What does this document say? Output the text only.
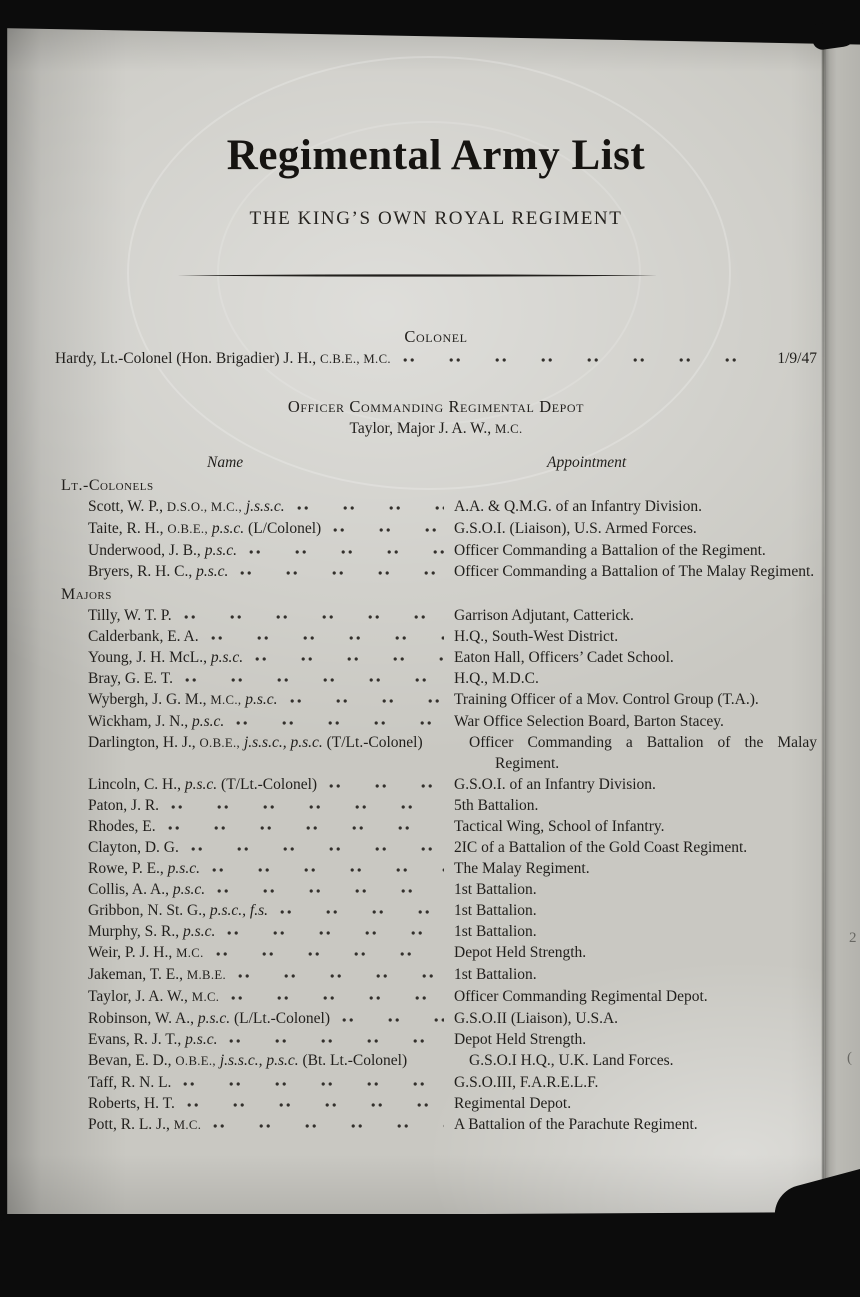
2
(
Regimental Army List
THE KING’S OWN ROYAL REGIMENT
Colonel
Hardy, Lt.-Colonel (Hon. Brigadier) J. H., C.B.E., M.C.	1/9/47
Officer Commanding Regimental Depot
Taylor, Major J. A. W., M.C.
Name	Appointment
Lt.-Colonels
Scott, W. P., D.S.O., M.C., j.s.s.c.	A.A. & Q.M.G. of an Infantry Division.
Taite, R. H., O.B.E., p.s.c. (L/Colonel)	G.S.O.I. (Liaison), U.S. Armed Forces.
Underwood, J. B., p.s.c.	Officer Commanding a Battalion of the Regiment.
Bryers, R. H. C., p.s.c.	Officer Commanding a Battalion of The Malay Regiment.
Majors
Tilly, W. T. P.	Garrison Adjutant, Catterick.
Calderbank, E. A.	H.Q., South-West District.
Young, J. H. McL., p.s.c.	Eaton Hall, Officers’ Cadet School.
Bray, G. E. T.	H.Q., M.D.C.
Wybergh, J. G. M., M.C., p.s.c.	Training Officer of a Mov. Control Group (T.A.).
Wickham, J. N., p.s.c.	War Office Selection Board, Barton Stacey.
Darlington, H. J., O.B.E., j.s.s.c., p.s.c. (T/Lt.-​Colonel)	Officer Commanding a Battalion of the Malay Regiment.
Lincoln, C. H., p.s.c. (T/Lt.-Colonel)	G.S.O.I. of an Infantry Division.
Paton, J. R.	5th Battalion.
Rhodes, E.	Tactical Wing, School of Infantry.
Clayton, D. G.	2IC of a Battalion of the Gold Coast Regiment.
Rowe, P. E., p.s.c.	The Malay Regiment.
Collis, A. A., p.s.c.	1st Battalion.
Gribbon, N. St. G., p.s.c., f.s.	1st Battalion.
Murphy, S. R., p.s.c.	1st Battalion.
Weir, P. J. H., M.C.	Depot Held Strength.
Jakeman, T. E., M.B.E.	1st Battalion.
Taylor, J. A. W., M.C.	Officer Commanding Regimental Depot.
Robinson, W. A., p.s.c. (L/Lt.-Colonel)	G.S.O.II (Liaison), U.S.A.
Evans, R. J. T., p.s.c.	Depot Held Strength.
Bevan, E. D., O.B.E., j.s.s.c., p.s.c. (Bt. Lt.-​Colonel)	G.S.O.I H.Q., U.K. Land Forces.
Taff, R. N. L.	G.S.O.III, F.A.R.E.L.F.
Roberts, H. T.	Regimental Depot.
Pott, R. L. J., M.C.	A Battalion of the Parachute Regiment.
